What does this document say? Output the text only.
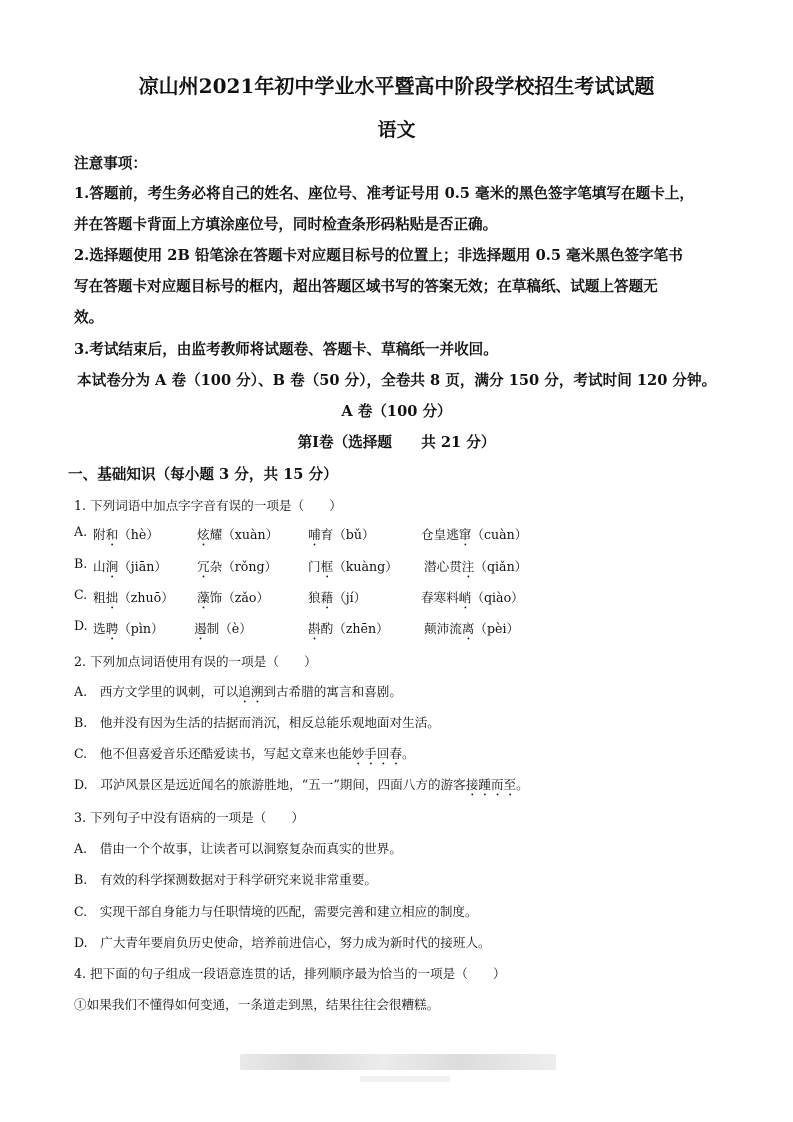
凉山州2021年初中学业水平暨高中阶段学校招生考试试题
语文
注意事项：
1.答题前，考生务必将自己的姓名、座位号、准考证号用 0.5 毫米的黑色签字笔填写在题卡上，
并在答题卡背面上方填涂座位号，同时检查条形码粘贴是否正确。
2.选择题使用 2B 铅笔涂在答题卡对应题目标号的位置上；非选择题用 0.5 毫米黑色签字笔书
写在答题卡对应题目标号的框内，超出答题区域书写的答案无效；在草稿纸、试题上答题无
效。
3.考试结束后，由监考教师将试题卷、答题卡、草稿纸一并收回。
本试卷分为 A 卷（100 分）、B 卷（50 分），全卷共 8 页，满分 150 分，考试时间 120 分钟。
A 卷（100 分）
第Ⅰ卷（选择题　　共 21 分）
一、基础知识（每小题 3 分，共 15 分）
1. 下列词语中加点字字音有误的一项是（　　）
A. 附和（hè）	炫耀（xuàn） 哺育（bǔ）	仓皇逃窜（cuàn）
B. 山涧（jiān） 冗杂（rǒng） 门框（kuàng） 潜心贯注（qiǎn）
C. 粗拙（zhuō） 藻饰（zǎo）	狼藉（jí）	春寒料峭（qiào）
D. 选聘（pìn） 遏制（è）	斟酌（zhēn）	颠沛流离（pèi）
2. 下列加点词语使用有误的一项是（　　）
A.　西方文学里的讽刺，可以追溯到古希腊的寓言和喜剧。
B.　他并没有因为生活的拮据而消沉，相反总能乐观地面对生活。
C.　他不但喜爱音乐还酷爱读书，写起文章来也能妙手回春。
D.　邛泸风景区是远近闻名的旅游胜地，“五一”期间，四面八方的游客接踵而至。
3. 下列句子中没有语病的一项是（　　）
A.　借由一个个故事，让读者可以洞察复杂而真实的世界。
B.　有效的科学探测数据对于科学研究来说非常重要。
C.　实现干部自身能力与任职情境的匹配，需要完善和建立相应的制度。
D.　广大青年要肩负历史使命，培养前进信心，努力成为新时代的接班人。
4. 把下面的句子组成一段语意连贯的话，排列顺序最为恰当的一项是（　　）
①如果我们不懂得如何变通，一条道走到黑，结果往往会很糟糕。
